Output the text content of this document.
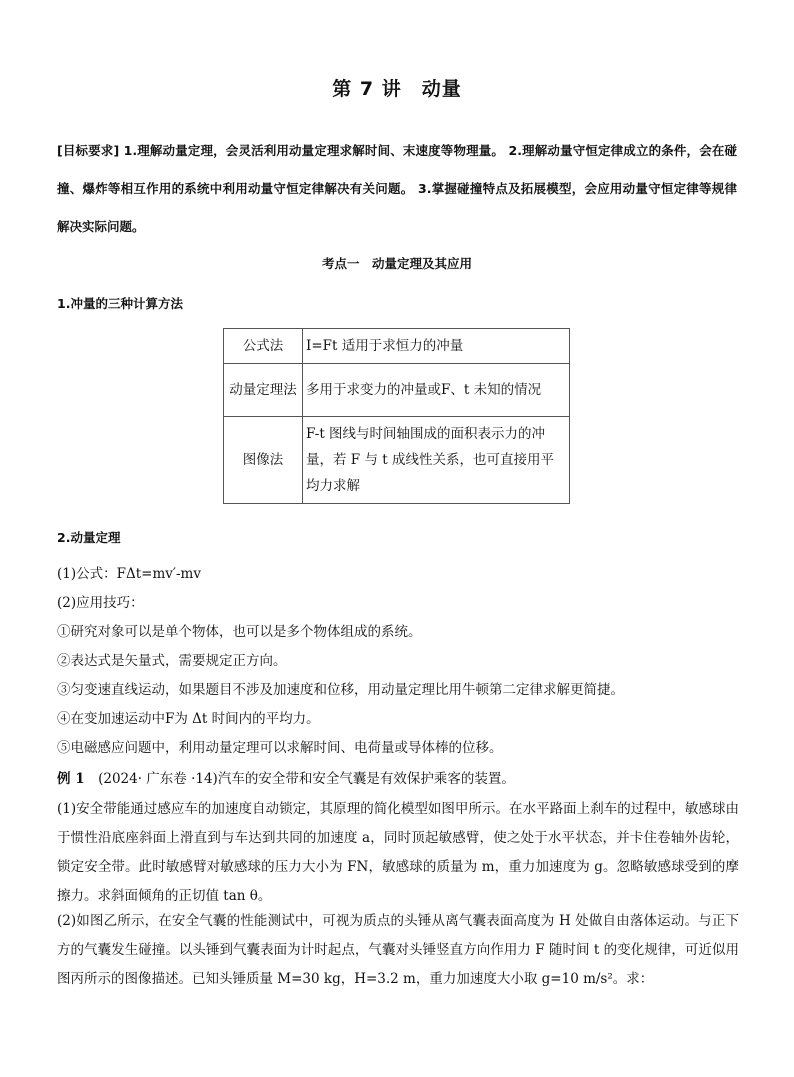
第 7 讲　动量
[目标要求] 1.理解动量定理，会灵活利用动量定理求解时间、末速度等物理量。 2.理解动量守恒定律成立的条件，会在碰撞、爆炸等相互作用的系统中利用动量守恒定律解决有关问题。 3.掌握碰撞特点及拓展模型，会应用动量守恒定律等规律解决实际问题。
考点一　动量定理及其应用
1.冲量的三种计算方法
公式法	I=Ft 适用于求恒力的冲量
动量定理法	多用于求变力的冲量或F、t 未知的情况
图像法	F-t 图线与时间轴围成的面积表示力的冲量，若 F 与 t 成线性关系，也可直接用平均力求解
2.动量定理
(1)公式：FΔt=mv′-mv
(2)应用技巧：
①研究对象可以是单个物体，也可以是多个物体组成的系统。
②表达式是矢量式，需要规定正方向。
③匀变速直线运动，如果题目不涉及加速度和位移，用动量定理比用牛顿第二定律求解更简捷。
④在变加速运动中F为 Δt 时间内的平均力。
⑤电磁感应问题中，利用动量定理可以求解时间、电荷量或导体棒的位移。
例 1　(2024· 广东卷 ·14)汽车的安全带和安全气囊是有效保护乘客的装置。
(1)安全带能通过感应车的加速度自动锁定，其原理的简化模型如图甲所示。在水平路面上刹车的过程中，敏感球由于惯性沿底座斜面上滑直到与车达到共同的加速度 a，同时顶起敏感臂，使之处于水平状态，并卡住卷轴外齿轮，锁定安全带。此时敏感臂对敏感球的压力大小为 FN，敏感球的质量为 m，重力加速度为 g。忽略敏感球受到的摩擦力。求斜面倾角的正切值 tan θ。
(2)如图乙所示，在安全气囊的性能测试中，可视为质点的头锤从离气囊表面高度为 H 处做自由落体运动。与正下方的气囊发生碰撞。以头锤到气囊表面为计时起点，气囊对头锤竖直方向作用力 F 随时间 t 的变化规律，可近似用图丙所示的图像描述。已知头锤质量 M=30 kg，H=3.2 m，重力加速度大小取 g=10 m/s²。求：
